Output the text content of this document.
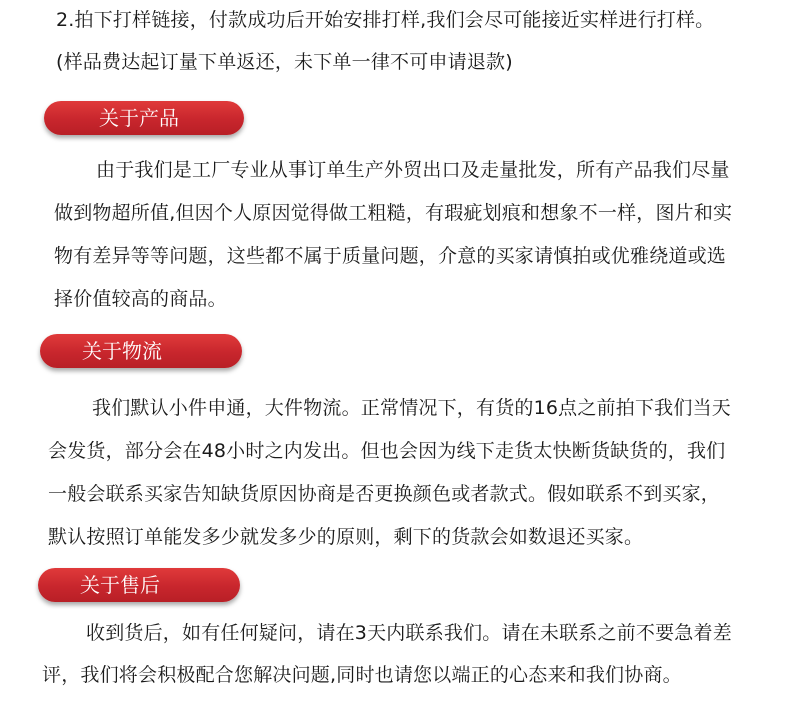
2.拍下打样链接，付款成功后开始安排打样,我们会尽可能接近实样进行打样。
(样品费达起订量下单返还，未下单一律不可申请退款)
关于产品
由于我们是工厂专业从事订单生产外贸出口及走量批发，所有产品我们尽量
做到物超所值,但因个人原因觉得做工粗糙，有瑕疵划痕和想象不一样，图片和实
物有差异等等问题，这些都不属于质量问题，介意的买家请慎拍或优雅绕道或选
择价值较高的商品。
关于物流
我们默认小件申通，大件物流。正常情况下，有货的16点之前拍下我们当天
会发货，部分会在48小时之内发出。但也会因为线下走货太快断货缺货的，我们
一般会联系买家告知缺货原因协商是否更换颜色或者款式。假如联系不到买家，
默认按照订单能发多少就发多少的原则，剩下的货款会如数退还买家。
关于售后
收到货后，如有任何疑问，请在3天内联系我们。请在未联系之前不要急着差
评，我们将会积极配合您解决问题,同时也请您以端正的心态来和我们协商。
